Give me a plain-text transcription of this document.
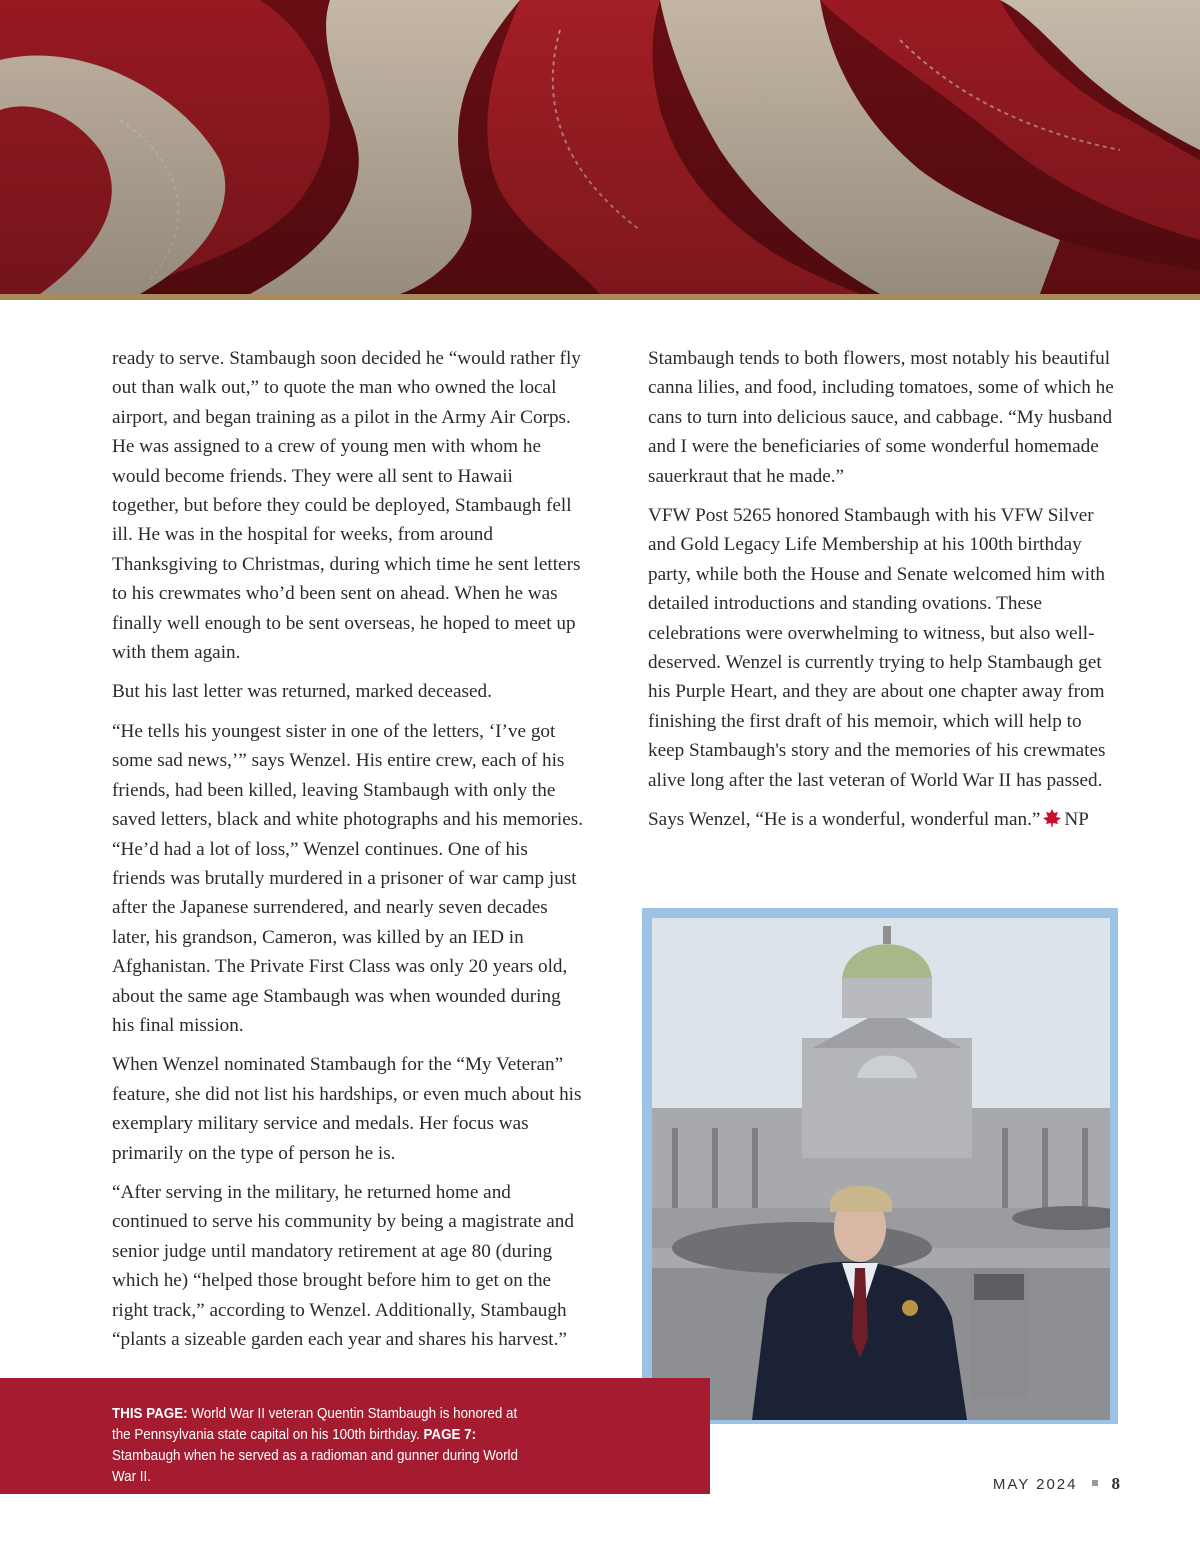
ready to serve. Stambaugh soon decided he “would rather fly out than walk out,” to quote the man who owned the local airport, and began training as a pilot in the Army Air Corps. He was assigned to a crew of young men with whom he would become friends. They were all sent to Hawaii together, but before they could be deployed, Stambaugh fell ill. He was in the hospital for weeks, from around Thanksgiving to Christmas, during which time he sent letters to his crewmates who’d been sent on ahead. When he was finally well enough to be sent overseas, he hoped to meet up with them again.

But his last letter was returned, marked deceased.

“He tells his youngest sister in one of the letters, ‘I’ve got some sad news,’” says Wenzel. His entire crew, each of his friends, had been killed, leaving Stambaugh with only the saved letters, black and white photographs and his memories. “He’d had a lot of loss,” Wenzel continues. One of his friends was brutally murdered in a prisoner of war camp just after the Japanese surrendered, and nearly seven decades later, his grandson, Cameron, was killed by an IED in Afghanistan. The Private First Class was only 20 years old, about the same age Stambaugh was when wounded during his final mission.

When Wenzel nominated Stambaugh for the “My Veteran” feature, she did not list his hardships, or even much about his exemplary military service and medals. Her focus was primarily on the type of person he is.

“After serving in the military, he returned home and continued to serve his community by being a magistrate and senior judge until mandatory retirement at age 80 (during which he) “helped those brought before him to get on the right track,” according to Wenzel. Additionally, Stambaugh “plants a sizeable garden each year and shares his harvest.”

Stambaugh tends to both flowers, most notably his beautiful canna lilies, and food, including tomatoes, some of which he cans to turn into delicious sauce, and cabbage. “My husband and I were the beneficiaries of some wonderful homemade sauerkraut that he made.”

VFW Post 5265 honored Stambaugh with his VFW Silver and Gold Legacy Life Membership at his 100th birthday party, while both the House and Senate welcomed him with detailed introductions and standing ovations. These celebrations were overwhelming to witness, but also well-deserved. Wenzel is currently trying to help Stambaugh get his Purple Heart, and they are about one chapter away from finishing the first draft of his memoir, which will help to keep Stambaugh's story and the memories of his crewmates alive long after the last veteran of World War II has passed.

Says Wenzel, “He is a wonderful, wonderful man.” NP

THIS PAGE: World War II veteran Quentin Stambaugh is honored at the Pennsylvania state capital on his 100th birthday. PAGE 7: Stambaugh when he served as a radioman and gunner during World War II.	MAY 2024 8
